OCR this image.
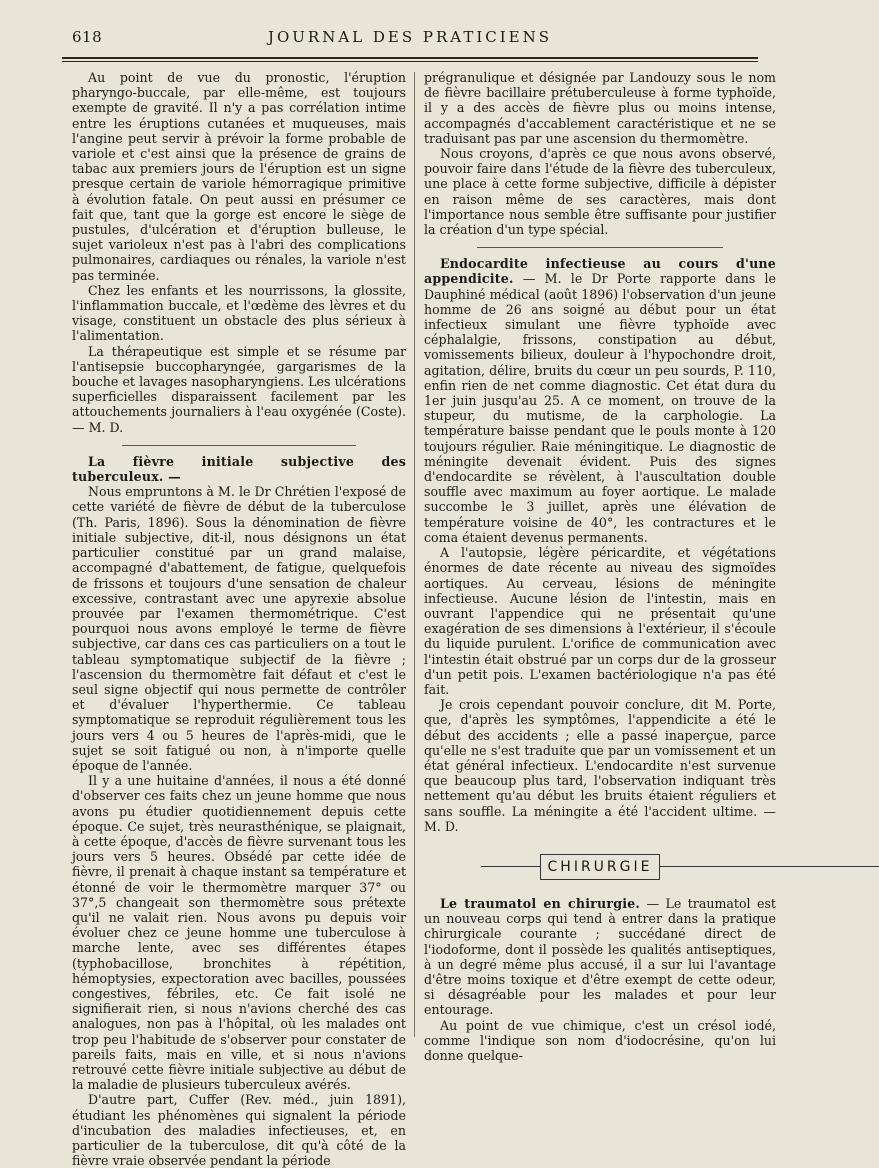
618	JOURNAL DES PRATICIENS

Au point de vue du pronostic, l'éruption pharyngo-buccale, par elle-même, est toujours exempte de gravité. Il n'y a pas corrélation intime entre les éruptions cutanées et muqueuses, mais l'angine peut servir à prévoir la forme probable de variole et c'est ainsi que la présence de grains de tabac aux premiers jours de l'éruption est un signe presque certain de variole hémorragique primitive à évolution fatale. On peut aussi en présumer ce fait que, tant que la gorge est encore le siège de pustules, d'ulcération et d'éruption bulleuse, le sujet varioleux n'est pas à l'abri des complications pulmonaires, cardiaques ou rénales, la variole n'est pas terminée.

Chez les enfants et les nourrissons, la glossite, l'inflammation buccale, et l'œdème des lèvres et du visage, constituent un obstacle des plus sérieux à l'alimentation.

La thérapeutique est simple et se résume par l'antisepsie buccopharyngée, gargarismes de la bouche et lavages nasopharyngiens. Les ulcérations superficielles disparaissent facilement par les attouchements journaliers à l'eau oxygénée (Coste). — M. D.

La fièvre initiale subjective des tuberculeux. —

Nous empruntons à M. le Dr Chrétien l'exposé de cette variété de fièvre de début de la tuberculose (Th. Paris, 1896). Sous la dénomination de fièvre initiale subjective, dit-il, nous désignons un état particulier constitué par un grand malaise, accompagné d'abattement, de fatigue, quelquefois de frissons et toujours d'une sensation de chaleur excessive, contrastant avec une apyrexie absolue prouvée par l'examen thermométrique. C'est pourquoi nous avons employé le terme de fièvre subjective, car dans ces cas particuliers on a tout le tableau symptomatique subjectif de la fièvre ; l'ascension du thermomètre fait défaut et c'est le seul signe objectif qui nous permette de contrôler et d'évaluer l'hyperthermie. Ce tableau symptomatique se reproduit régulièrement tous les jours vers 4 ou 5 heures de l'après-midi, que le sujet se soit fatigué ou non, à n'importe quelle époque de l'année.

Il y a une huitaine d'années, il nous a été donné d'observer ces faits chez un jeune homme que nous avons pu étudier quotidiennement depuis cette époque. Ce sujet, très neurasthénique, se plaignait, à cette époque, d'accès de fièvre survenant tous les jours vers 5 heures. Obsédé par cette idée de fièvre, il prenait à chaque instant sa température et étonné de voir le thermomètre marquer 37° ou 37°,5 changeait son thermomètre sous prétexte qu'il ne valait rien. Nous avons pu depuis voir évoluer chez ce jeune homme une tuberculose à marche lente, avec ses différentes étapes (typhobacillose, bronchites à répétition, hémoptysies, expectoration avec bacilles, poussées congestives, fébriles, etc. Ce fait isolé ne signifierait rien, si nous n'avions cherché des cas analogues, non pas à l'hôpital, où les malades ont trop peu l'habitude de s'observer pour constater de pareils faits, mais en ville, et si nous n'avions retrouvé cette fièvre initiale subjective au début de la maladie de plusieurs tuberculeux avérés.

D'autre part, Cuffer (Rev. méd., juin 1891), étudiant les phénomènes qui signalent la période d'incubation des maladies infectieuses, et, en particulier de la tuberculose, dit qu'à côté de la fièvre vraie observée pendant la période

prégranulique et désignée par Landouzy sous le nom de fièvre bacillaire prétuberculeuse à forme typhoïde, il y a des accès de fièvre plus ou moins intense, accompagnés d'accablement caractéristique et ne se traduisant pas par une ascension du thermomètre.

Nous croyons, d'après ce que nous avons observé, pouvoir faire dans l'étude de la fièvre des tuberculeux, une place à cette forme subjective, difficile à dépister en raison même de ses caractères, mais dont l'importance nous semble être suffisante pour justifier la création d'un type spécial.

Endocardite infectieuse au cours d'une appendicite. — M. le Dr Porte rapporte dans le Dauphiné médical (août 1896) l'observation d'un jeune homme de 26 ans soigné au début pour un état infectieux simulant une fièvre typhoïde avec céphalalgie, frissons, constipation au début, vomissements bilieux, douleur à l'hypochondre droit, agitation, délire, bruits du cœur un peu sourds, P. 110, enfin rien de net comme diagnostic. Cet état dura du 1er juin jusqu'au 25. A ce moment, on trouve de la stupeur, du mutisme, de la carphologie. La température baisse pendant que le pouls monte à 120 toujours régulier. Raie méningitique. Le diagnostic de méningite devenait évident. Puis des signes d'endocardite se révèlent, à l'auscultation double souffle avec maximum au foyer aortique. Le malade succombe le 3 juillet, après une élévation de température voisine de 40°, les contractures et le coma étaient devenus permanents.

A l'autopsie, légère péricardite, et végétations énormes de date récente au niveau des sigmoïdes aortiques. Au cerveau, lésions de méningite infectieuse. Aucune lésion de l'intestin, mais en ouvrant l'appendice qui ne présentait qu'une exagération de ses dimensions à l'extérieur, il s'écoule du liquide purulent. L'orifice de communication avec l'intestin était obstrué par un corps dur de la grosseur d'un petit pois. L'examen bactériologique n'a pas été fait.

Je crois cependant pouvoir conclure, dit M. Porte, que, d'après les symptômes, l'appendicite a été le début des accidents ; elle a passé inaperçue, parce qu'elle ne s'est traduite que par un vomissement et un état général infectieux. L'endocardite n'est survenue que beaucoup plus tard, l'observation indiquant très nettement qu'au début les bruits étaient réguliers et sans souffle. La méningite a été l'accident ultime. — M. D.

CHIRURGIE

Le traumatol en chirurgie. — Le traumatol est un nouveau corps qui tend à entrer dans la pratique chirurgicale courante ; succédané direct de l'iodoforme, dont il possède les qualités antiseptiques, à un degré même plus accusé, il a sur lui l'avantage d'être moins toxique et d'être exempt de cette odeur, si désagréable pour les malades et pour leur entourage.

Au point de vue chimique, c'est un crésol iodé, comme l'indique son nom d'iodocrésine, qu'on lui donne quelque-
